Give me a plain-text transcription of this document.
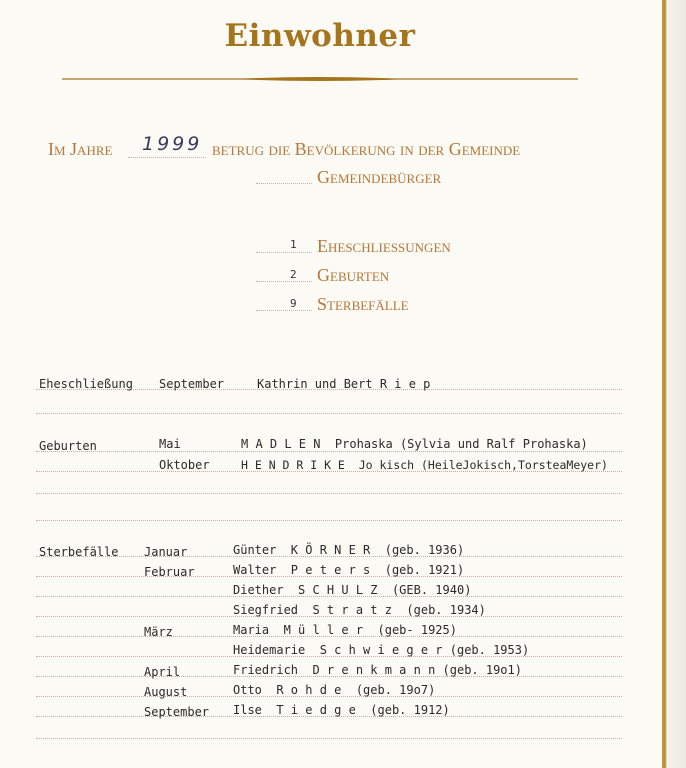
Einwohner
Im Jahre 1999 betrug die Bevölkerung in der Gemeinde
Gemeindebürger
1 Eheschliessungen
2 Geburten
9 Sterbefälle
Eheschließung September	Kathrin und Bert R i e p
Geburten	Mai	M A D L E N  Prohaska (Sylvia und Ralf Prohaska)
Oktober	H E N D R I K E  Jo kisch (HeileJokisch,TorsteaMeyer)
Sterbefälle Januar	Günter  K Ö R N E R  (geb. 1936)
Februar	Walter  P e t e r s  (geb. 1921)
Diether  S C H U L Z  (GEB. 1940)
Siegfried  S t r a t z  (geb. 1934)
März	Maria  M ü l l e r  (geb- 1925)
Heidemarie  S c h w i e g e r (geb. 1953)
April	Friedrich  D r e n k m a n n (geb. 19o1)
August	Otto  R o h d e  (geb. 19o7)
September Ilse  T i e d g e  (geb. 1912)
